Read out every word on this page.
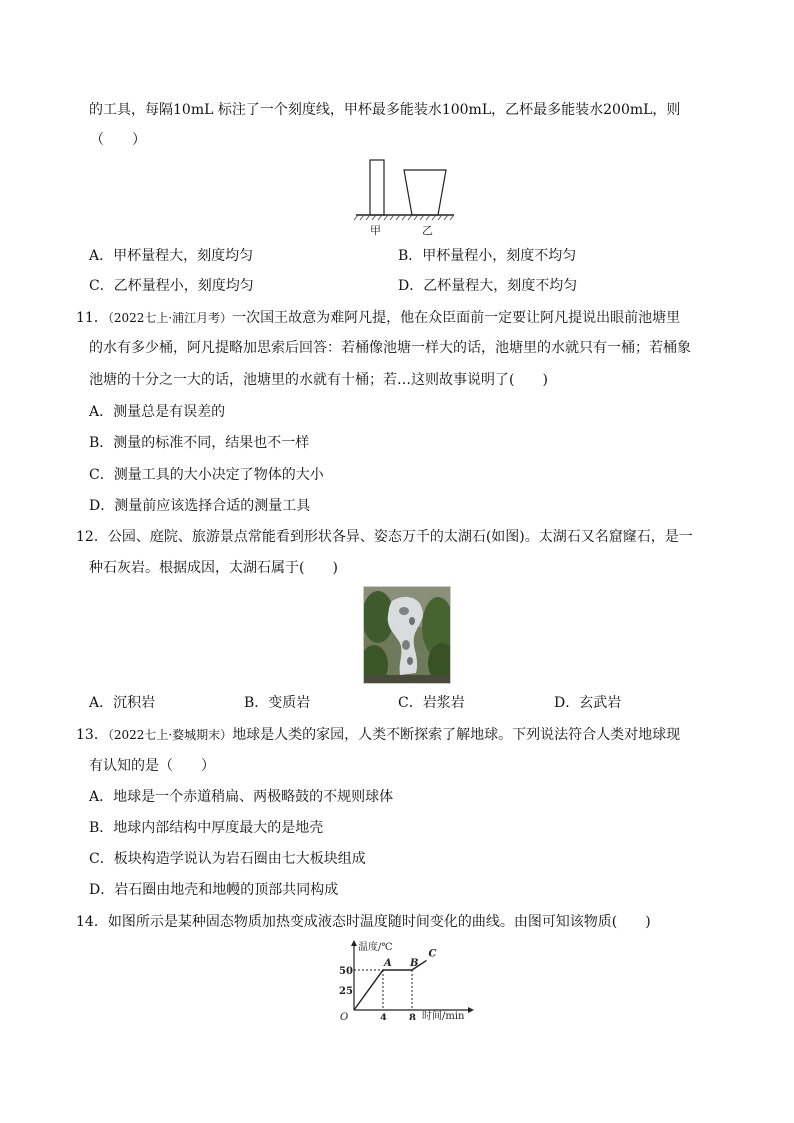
的工具，每隔10mL 标注了一个刻度线，甲杯最多能装水100mL，乙杯最多能装水200mL，则
（　　）
甲	乙
A．甲杯量程大，刻度均匀	B．甲杯量程小，刻度不均匀
C．乙杯量程小，刻度均匀	D．乙杯量程大，刻度不均匀
11．（2022七上·浦江月考）一次国王故意为难阿凡提，他在众臣面前一定要让阿凡提说出眼前池塘里
的水有多少桶，阿凡提略加思索后回答：若桶像池塘一样大的话，池塘里的水就只有一桶；若桶象
池塘的十分之一大的话，池塘里的水就有十桶；若…这则故事说明了(　　)
A．测量总是有误差的
B．测量的标准不同，结果也不一样
C．测量工具的大小决定了物体的大小
D．测量前应该选择合适的测量工具
12．公园、庭院、旅游景点常能看到形状各异、姿态万千的太湖石(如图)。太湖石又名窟窿石，是一
种石灰岩。根据成因，太湖石属于(　　)
A．沉积岩	B．变质岩	C．岩浆岩	D．玄武岩
13．（2022七上·婺城期末）地球是人类的家园，人类不断探索了解地球。下列说法符合人类对地球现
有认知的是（　　）
A．地球是一个赤道稍扁、两极略鼓的不规则球体
B．地球内部结构中厚度最大的是地壳
C．板块构造学说认为岩石圈由七大板块组成
D．岩石圈由地壳和地幔的顶部共同构成
14．如图所示是某种固态物质加热变成液态时温度随时间变化的曲线。由图可知该物质(　　)
温度/℃
时间/min
O
25
50
4 8
A B
C
